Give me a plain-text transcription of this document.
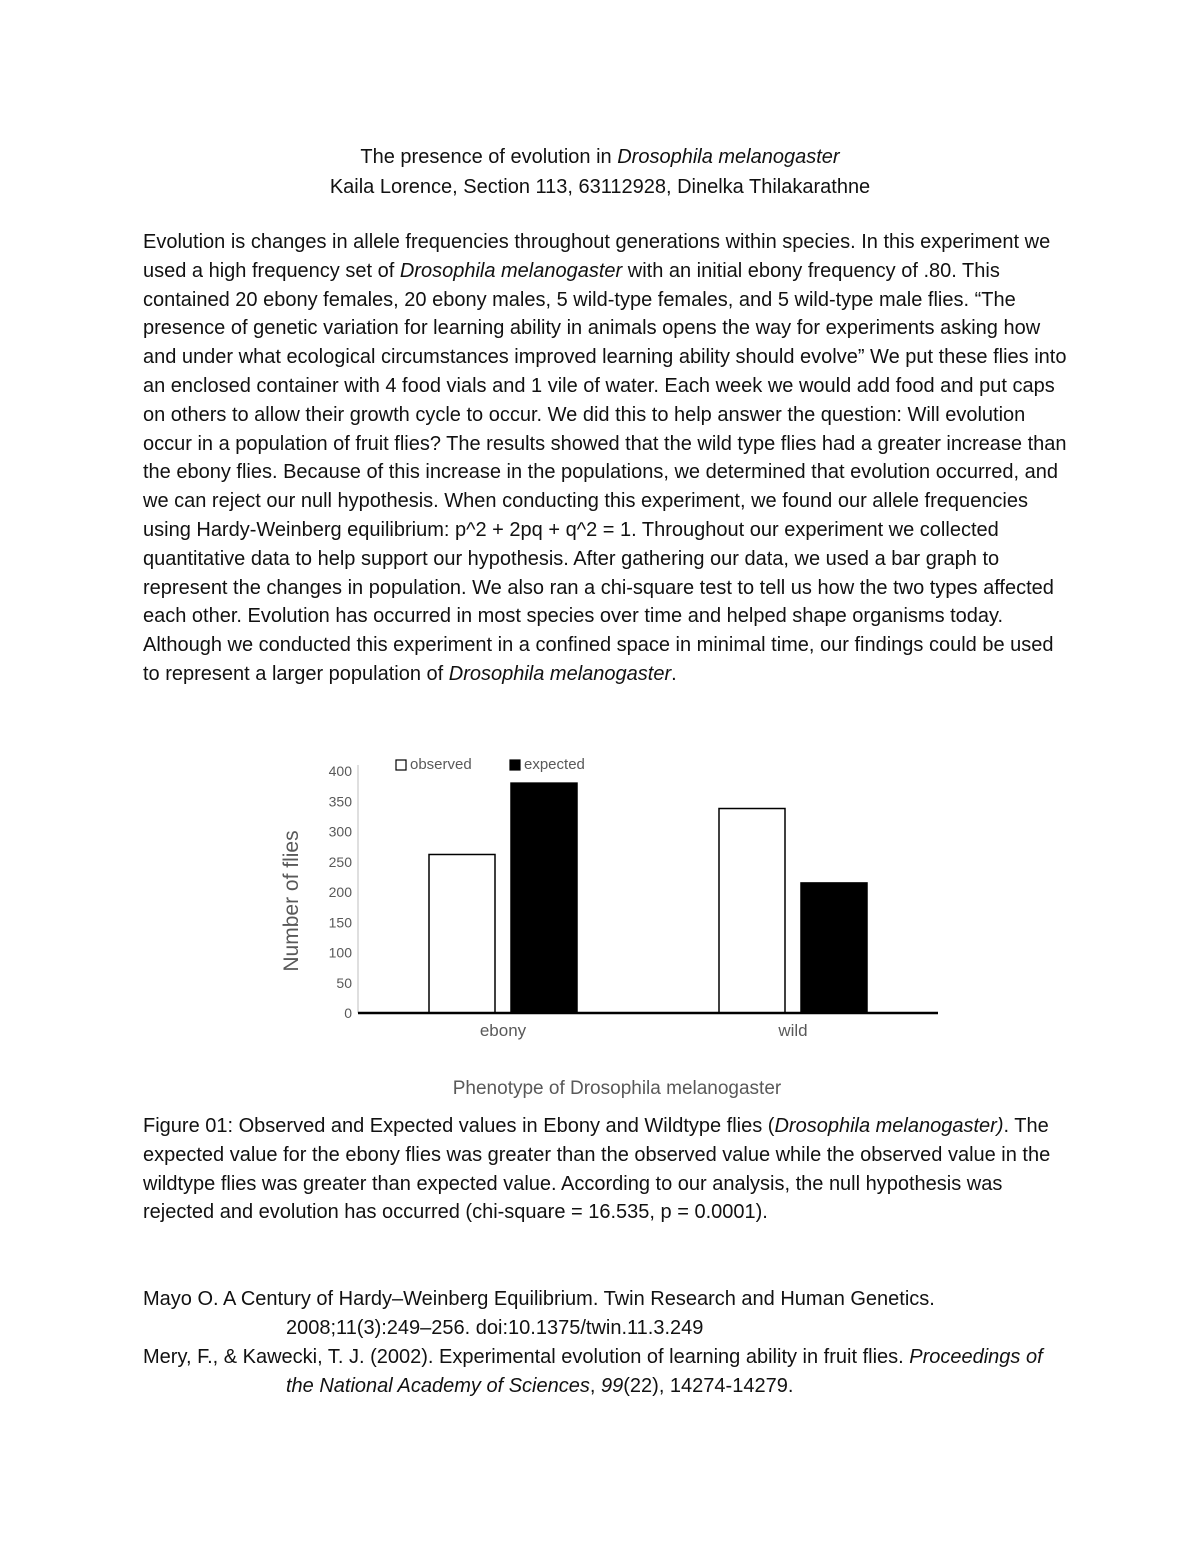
The presence of evolution in Drosophila melanogaster
Kaila Lorence, Section 113, 63112928, Dinelka Thilakarathne

Evolution is changes in allele frequencies throughout generations within species. In this experiment we used a high frequency set of Drosophila melanogaster with an initial ebony frequency of .80. This contained 20 ebony females, 20 ebony males, 5 wild-type females, and 5 wild-type male flies. “The presence of genetic variation for learning ability in animals opens the way for experiments asking how and under what ecological circumstances improved learning ability should evolve” We put these flies into an enclosed container with 4 food vials and 1 vile of water. Each week we would add food and put caps on others to allow their growth cycle to occur. We did this to help answer the question: Will evolution occur in a population of fruit flies? The results showed that the wild type flies had a greater increase than the ebony flies. Because of this increase in the populations, we determined that evolution occurred, and we can reject our null hypothesis. When conducting this experiment, we found our allele frequencies using Hardy-Weinberg equilibrium: p^2 + 2pq + q^2 = 1. Throughout our experiment we collected quantitative data to help support our hypothesis. After gathering our data, we used a bar graph to represent the changes in population. We also ran a chi-square test to tell us how the two types affected each other. Evolution has occurred in most species over time and helped shape organisms today. Although we conducted this experiment in a confined space in minimal time, our findings could be used to represent a larger population of Drosophila melanogaster.

0
50
100
150
200
250
300
350
400
ebony	wild
observed	expected
Number of flies
Phenotype of Drosophila melanogaster

Figure 01: Observed and Expected values in Ebony and Wildtype flies (Drosophila melanogaster). The expected value for the ebony flies was greater than the observed value while the observed value in the wildtype flies was greater than expected value. According to our analysis, the null hypothesis was rejected and evolution has occurred (chi-square = 16.535, p = 0.0001).

Mayo O. A Century of Hardy–Weinberg Equilibrium. Twin Research and Human Genetics. 2008;11(3):249–256. doi:10.1375/twin.11.3.249

Mery, F., & Kawecki, T. J. (2002). Experimental evolution of learning ability in fruit flies. Proceedings of the National Academy of Sciences, 99(22), 14274-14279.
